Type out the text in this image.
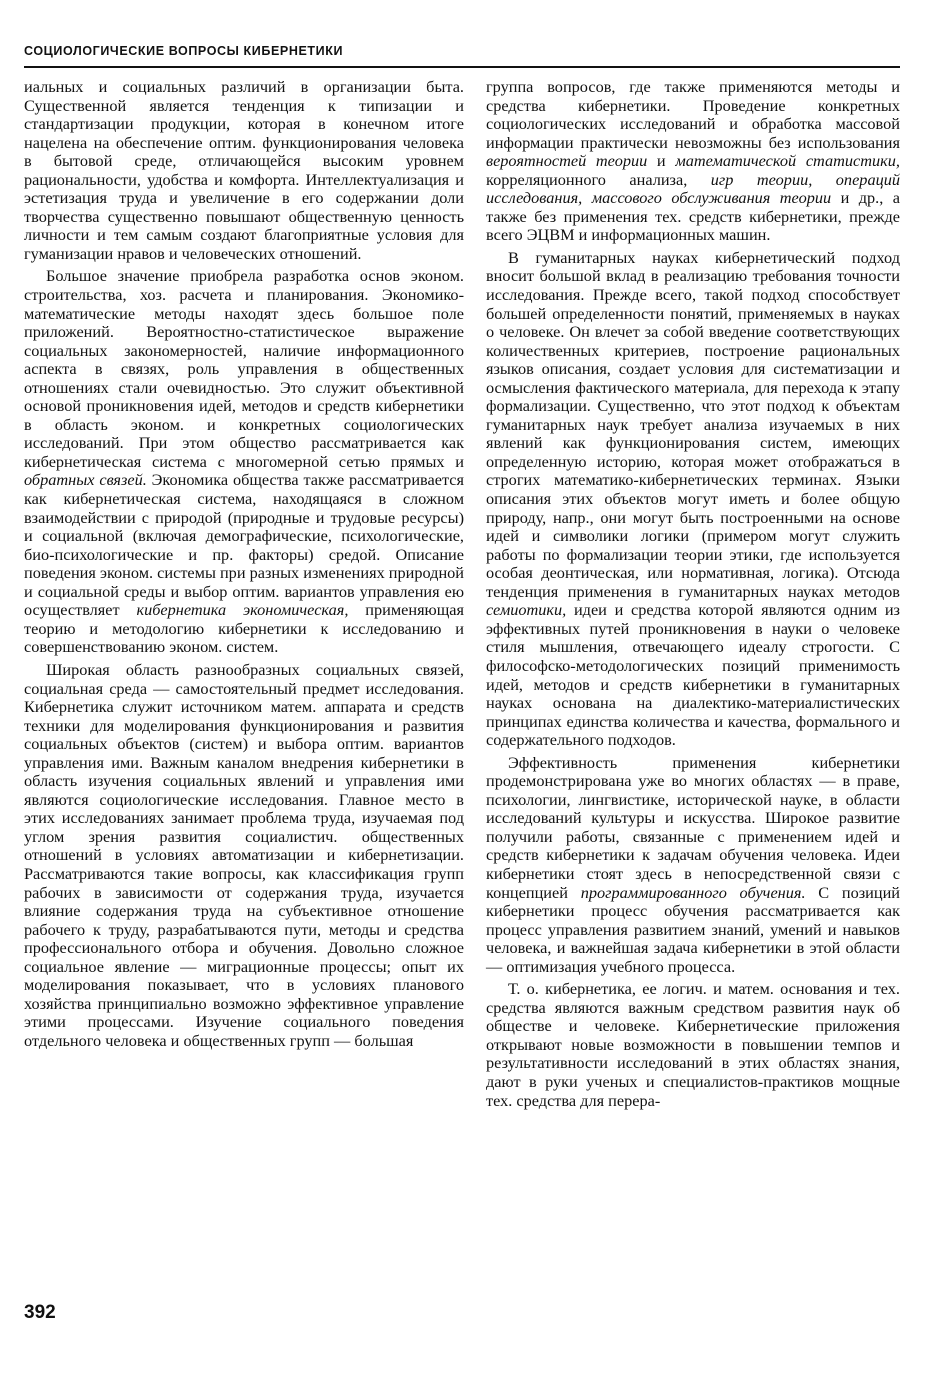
СОЦИОЛОГИЧЕСКИЕ ВОПРОСЫ КИБЕРНЕТИКИ

иальных и социальных различий в организации быта. Существенной является тенденция к типизации и стандартизации продукции, которая в конечном итоге нацелена на обеспечение оптим. функционирования человека в бытовой среде, отличающейся высоким уровнем рациональности, удобства и комфорта. Интеллектуализация и эстетизация труда и увеличение в его содержании доли творчества существенно повышают общественную ценность личности и тем самым создают благоприятные условия для гуманизации нравов и человеческих отношений.

Большое значение приобрела разработка основ эконом. строительства, хоз. расчета и планирования. Экономико-математические методы находят здесь большое поле приложений. Вероятностно-статистическое выражение социальных закономерностей, наличие информационного аспекта в связях, роль управления в общественных отношениях стали очевидностью. Это служит объективной основой проникновения идей, методов и средств кибернетики в область эконом. и конкретных социологических исследований. При этом общество рассматривается как кибернетическая система с многомерной сетью прямых и обратных связей. Экономика общества также рассматривается как кибернетическая система, находящаяся в сложном взаимодействии с природой (природные и трудовые ресурсы) и социальной (включая демографические, психологические, био-психологические и пр. факторы) средой. Описание поведения эконом. системы при разных изменениях природной и социальной среды и выбор оптим. вариантов управления ею осуществляет кибернетика экономическая, применяющая теорию и методологию кибернетики к исследованию и совершенствованию эконом. систем.

Широкая область разнообразных социальных связей, социальная среда — самостоятельный предмет исследования. Кибернетика служит источником матем. аппарата и средств техники для моделирования функционирования и развития социальных объектов (систем) и выбора оптим. вариантов управления ими. Важным каналом внедрения кибернетики в область изучения социальных явлений и управления ими являются социологические исследования. Главное место в этих исследованиях занимает проблема труда, изучаемая под углом зрения развития социалистич. общественных отношений в условиях автоматизации и кибернетизации. Рассматриваются такие вопросы, как классификация групп рабочих в зависимости от содержания труда, изучается влияние содержания труда на субъективное отношение рабочего к труду, разрабатываются пути, методы и средства профессионального отбора и обучения. Довольно сложное социальное явление — миграционные процессы; опыт их моделирования показывает, что в условиях планового хозяйства принципиально возможно эффективное управление этими процессами. Изучение социального поведения отдельного человека и общественных групп — большая

группа вопросов, где также применяются методы и средства кибернетики. Проведение конкретных социологических исследований и обработка массовой информации практически невозможны без использования вероятностей теории и математической статистики, корреляционного анализа, игр теории, операций исследования, массового обслуживания теории и др., а также без применения тех. средств кибернетики, прежде всего ЭЦВМ и информационных машин.

В гуманитарных науках кибернетический подход вносит большой вклад в реализацию требования точности исследования. Прежде всего, такой подход способствует большей определенности понятий, применяемых в науках о человеке. Он влечет за собой введение соответствующих количественных критериев, построение рациональных языков описания, создает условия для систематизации и осмысления фактического материала, для перехода к этапу формализации. Существенно, что этот подход к объектам гуманитарных наук требует анализа изучаемых в них явлений как функционирования систем, имеющих определенную историю, которая может отображаться в строгих математико-кибернетических терминах. Языки описания этих объектов могут иметь и более общую природу, напр., они могут быть построенными на основе идей и символики логики (примером могут служить работы по формализации теории этики, где используется особая деонтическая, или нормативная, логика). Отсюда тенденция применения в гуманитарных науках методов семиотики, идеи и средства которой являются одним из эффективных путей проникновения в науки о человеке стиля мышления, отвечающего идеалу строгости. С философско-методологических позиций применимость идей, методов и средств кибернетики в гуманитарных науках основана на диалектико-материалистических принципах единства количества и качества, формального и содержательного подходов.

Эффективность применения кибернетики продемонстрирована уже во многих областях — в праве, психологии, лингвистике, исторической науке, в области исследований культуры и искусства. Широкое развитие получили работы, связанные с применением идей и средств кибернетики к задачам обучения человека. Идеи кибернетики стоят здесь в непосредственной связи с концепцией программированного обучения. С позиций кибернетики процесс обучения рассматривается как процесс управления развитием знаний, умений и навыков человека, и важнейшая задача кибернетики в этой области — оптимизация учебного процесса.

Т. о. кибернетика, ее логич. и матем. основания и тех. средства являются важным средством развития наук об обществе и человеке. Кибернетические приложения открывают новые возможности в повышении темпов и результативности исследований в этих областях знания, дают в руки ученых и специалистов-практиков мощные тех. средства для перера-

392
